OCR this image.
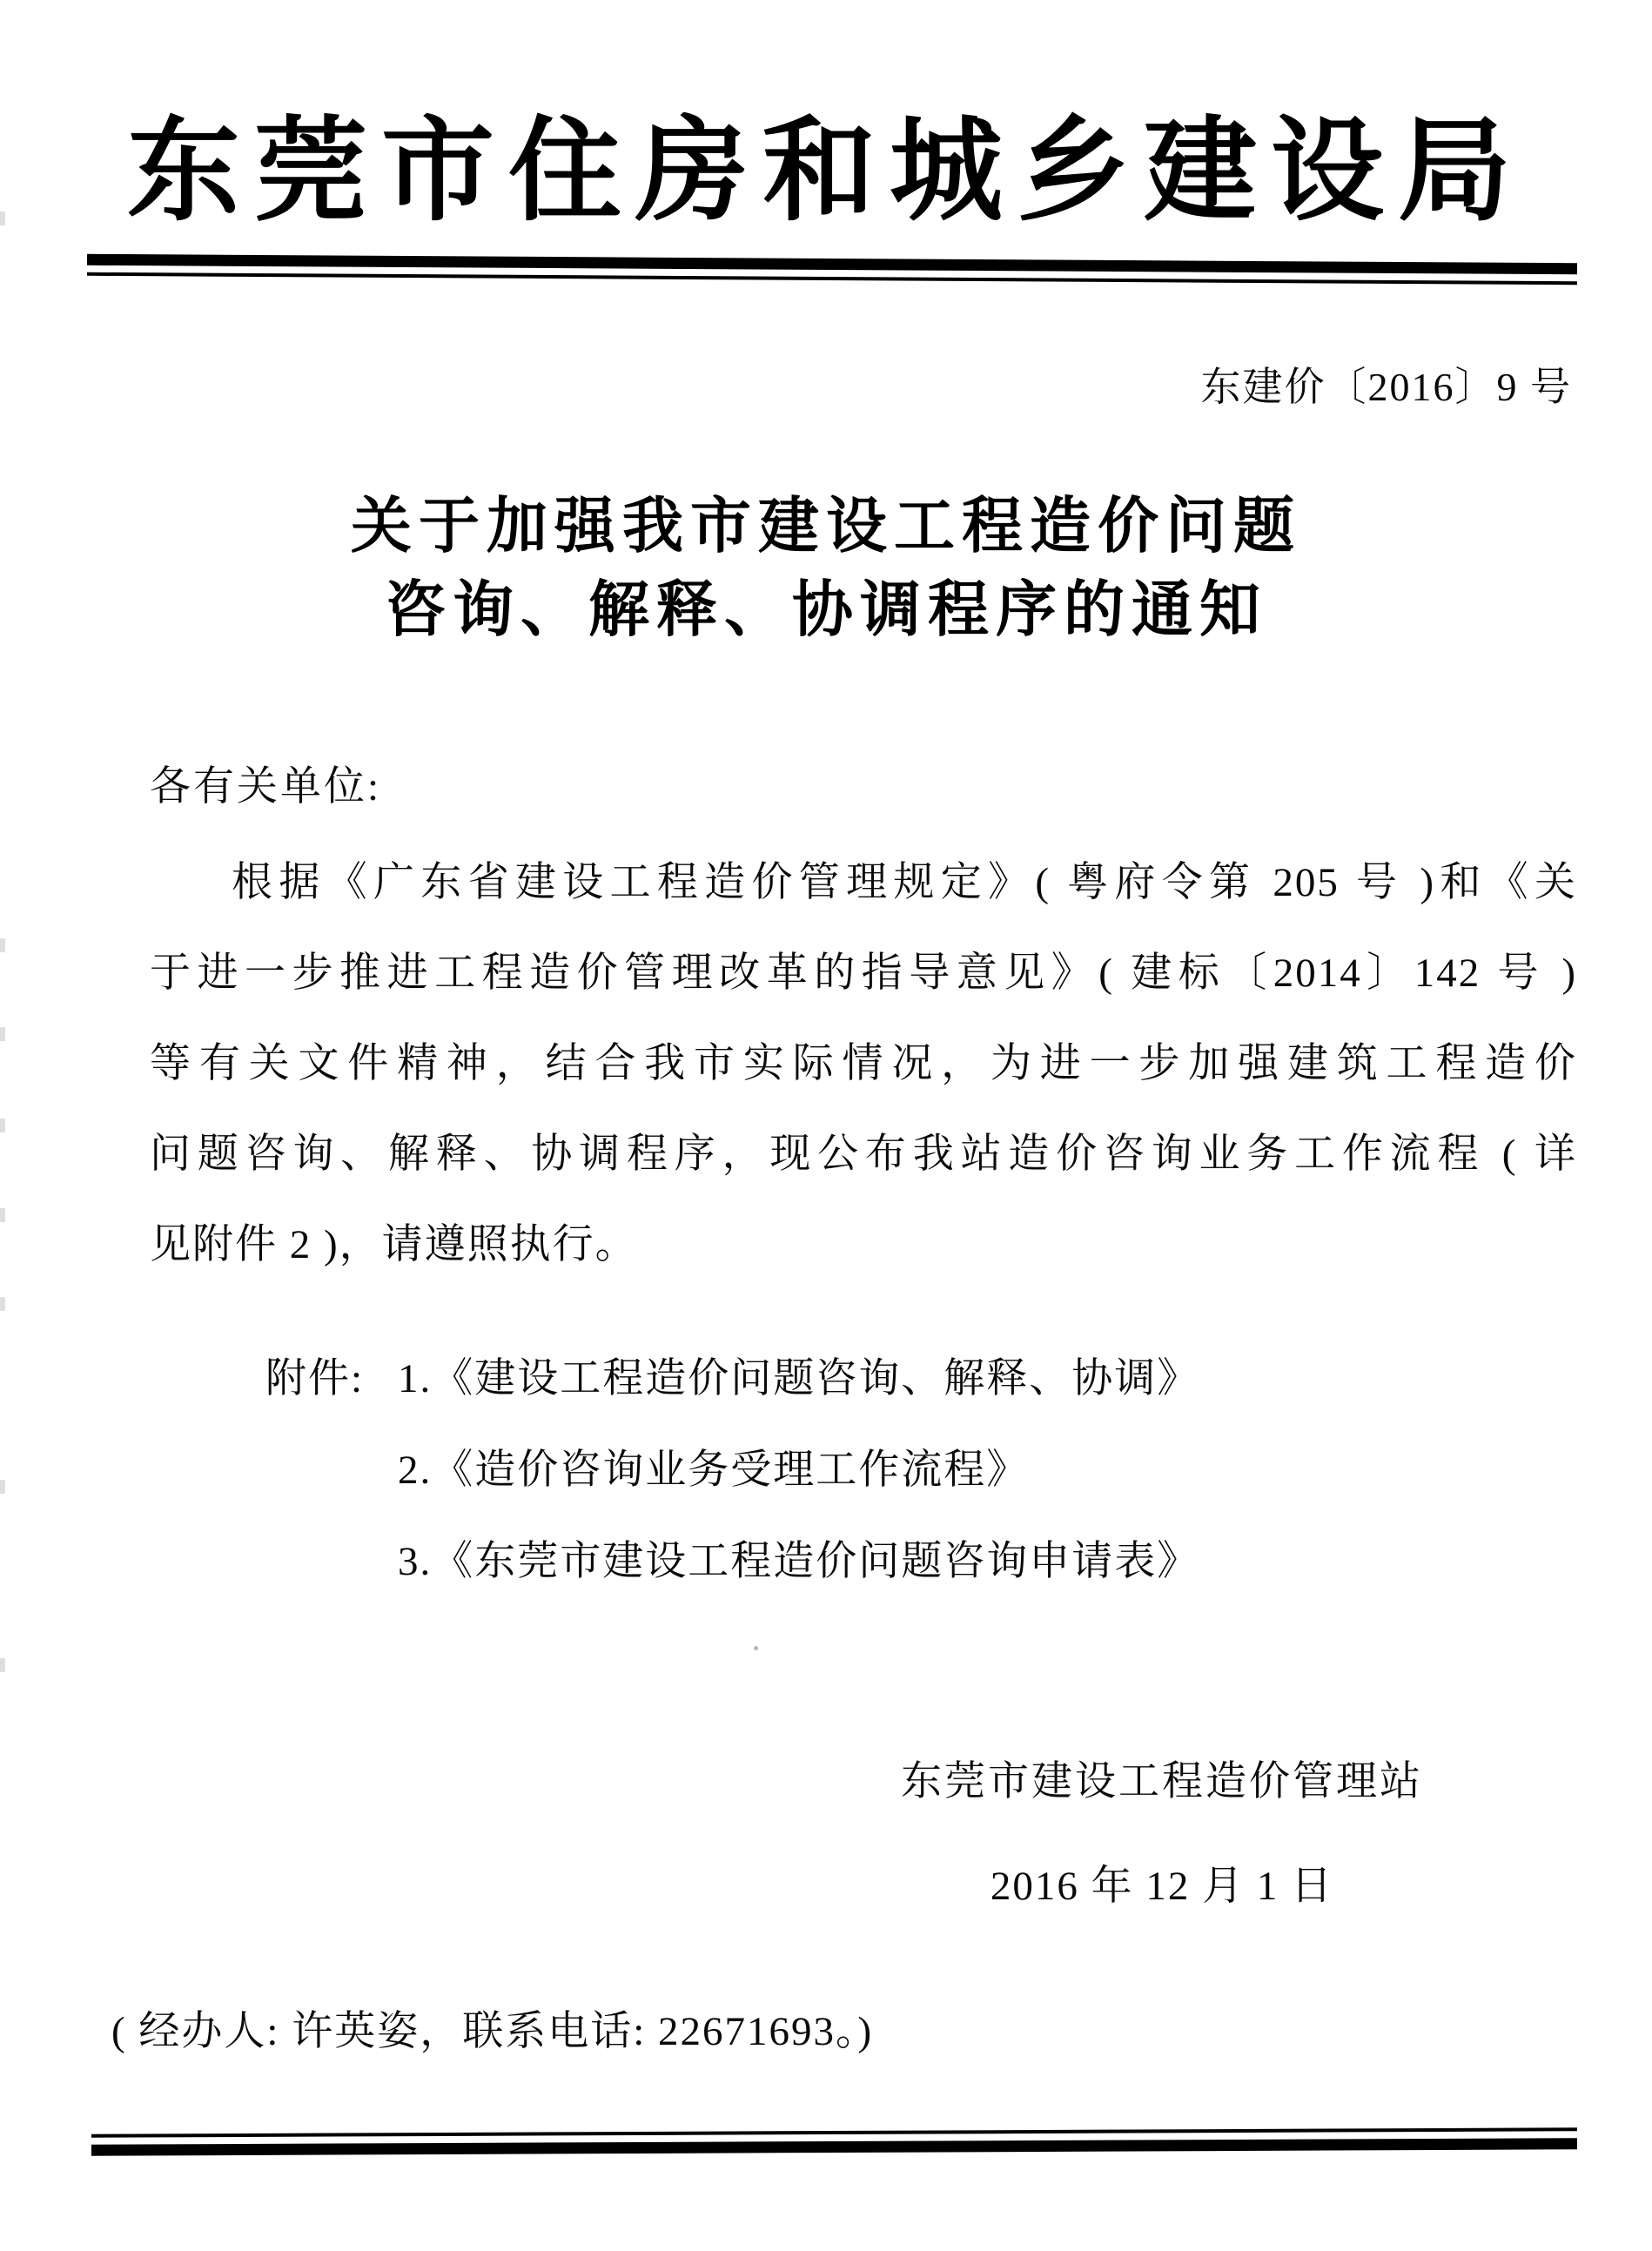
东莞市住房和城乡建设局
东建价〔2016〕9 号
关于加强我市建设工程造价问题
咨询、解释、协调程序的通知
各有关单位:
根据《广东省建设工程造价管理规定》( 粤府令第 205 号 )和《关
于进一步推进工程造价管理改革的指导意见》( 建标〔2014〕142 号 )
等有关文件精神，结合我市实际情况，为进一步加强建筑工程造价
问题咨询、解释、协调程序，现公布我站造价咨询业务工作流程 ( 详
见附件 2 )，请遵照执行。
附件: 1.《建设工程造价问题咨询、解释、协调》
2.《造价咨询业务受理工作流程》
3.《东莞市建设工程造价问题咨询申请表》
东莞市建设工程造价管理站
2016 年 12 月 1 日
( 经办人: 许英姿，联系电话: 22671693。)
